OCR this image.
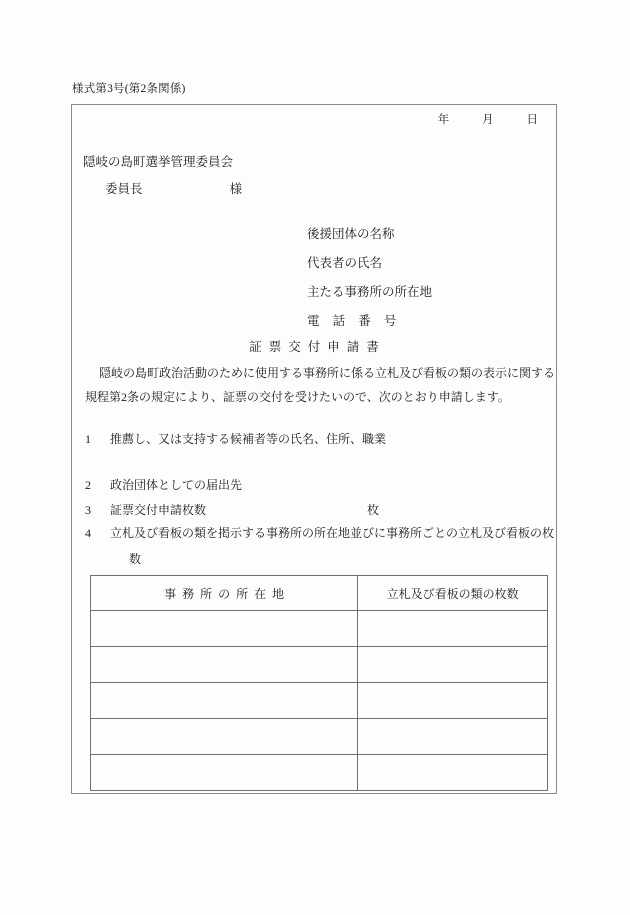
様式第3号(第2条関係)
年	月	日
隠岐の島町選挙管理委員会
委員長	様
後援団体の名称
代表者の氏名
主たる事務所の所在地
電 話 番 号
証票交付申請書
隠岐の島町政治活動のために使用する事務所に係る立札及び看板の類の表示に関する
規程第2条の規定により、証票の交付を受けたいので、次のとおり申請します。
1 推薦し、又は支持する候補者等の氏名、住所、職業
2 政治団体としての届出先
3 証票交付申請枚数	枚
4 立札及び看板の類を掲示する事務所の所在地並びに事務所ごとの立札及び看板の枚
数
事務所の所在地	立札及び看板の類の枚数
